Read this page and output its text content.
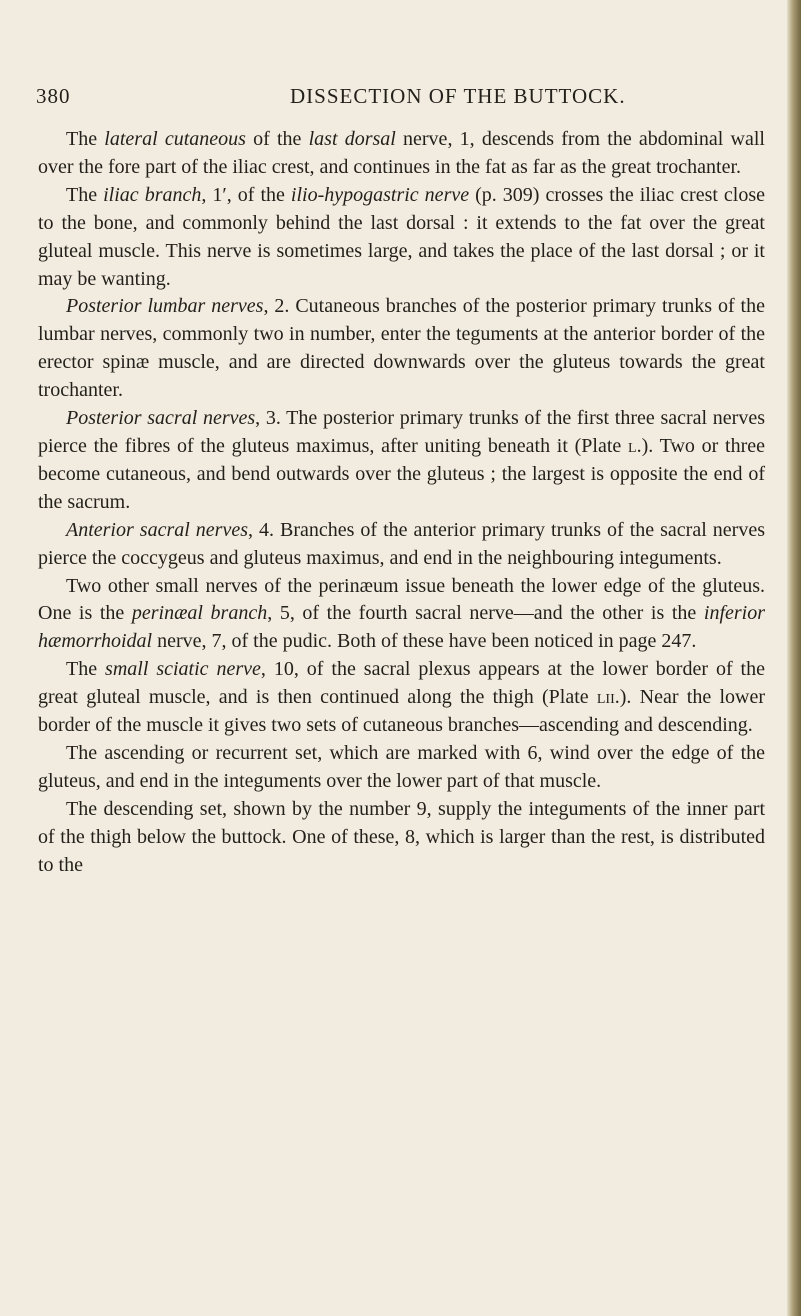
380	DISSECTION OF THE BUTTOCK.

The lateral cutaneous of the last dorsal nerve, 1, descends from the abdominal wall over the fore part of the iliac crest, and continues in the fat as far as the great trochanter.

The iliac branch, 1′, of the ilio-hypogastric nerve (p. 309) crosses the iliac crest close to the bone, and commonly behind the last dorsal : it extends to the fat over the great gluteal muscle. This nerve is sometimes large, and takes the place of the last dorsal ; or it may be wanting.

Posterior lumbar nerves, 2. Cutaneous branches of the posterior primary trunks of the lumbar nerves, commonly two in number, enter the teguments at the anterior border of the erector spinæ muscle, and are directed downwards over the gluteus towards the great trochanter.

Posterior sacral nerves, 3. The posterior primary trunks of the first three sacral nerves pierce the fibres of the gluteus maximus, after uniting beneath it (Plate l.). Two or three become cutaneous, and bend outwards over the gluteus ; the largest is opposite the end of the sacrum.

Anterior sacral nerves, 4. Branches of the anterior primary trunks of the sacral nerves pierce the coccygeus and gluteus maximus, and end in the neighbouring integuments.

Two other small nerves of the perinæum issue beneath the lower edge of the gluteus. One is the perinæal branch, 5, of the fourth sacral nerve—and the other is the inferior hæmorrhoidal nerve, 7, of the pudic. Both of these have been noticed in page 247.

The small sciatic nerve, 10, of the sacral plexus appears at the lower border of the great gluteal muscle, and is then continued along the thigh (Plate lii.). Near the lower border of the muscle it gives two sets of cutaneous branches—ascending and descending.

The ascending or recurrent set, which are marked with 6, wind over the edge of the gluteus, and end in the integuments over the lower part of that muscle.

The descending set, shown by the number 9, supply the integuments of the inner part of the thigh below the buttock. One of these, 8, which is larger than the rest, is distributed to the
